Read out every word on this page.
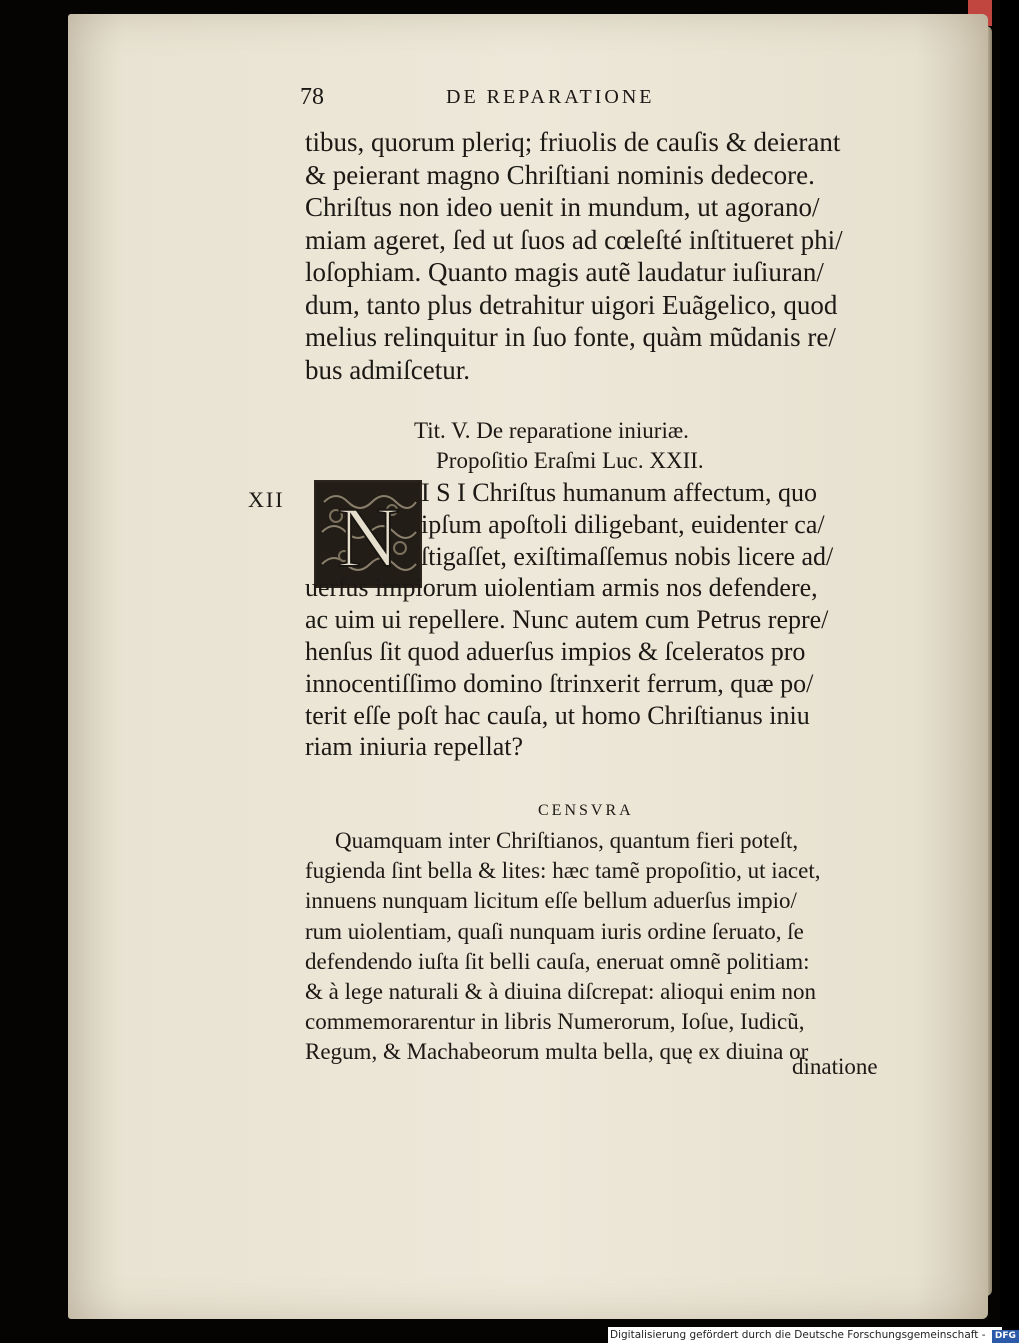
78	DE REPARATIONE
tibus, quorum pleriq; friuolis de cauſis & deierant
& peierant magno Chriſtiani nominis dedecore.
Chriſtus non ideo uenit in mundum, ut agorano/
miam ageret, ſed ut ſuos ad cœleſté inſtitueret phi/
loſophiam. Quanto magis autẽ laudatur iuſiuran/
dum, tanto plus detrahitur uigori Euãgelico, quod
melius relinquitur in ſuo fonte, quàm mũdanis re/
bus admiſcetur.
Tit. V. De reparatione iniuriæ.
Propoſitio Eraſmi Luc. XXII.
XII N I S I Chriſtus humanum affectum, quo
ipſum apoſtoli diligebant, euidenter ca/
ſtigaſſet, exiſtimaſſemus nobis licere ad/
uerſus impiorum uiolentiam armis nos defendere,
ac uim ui repellere. Nunc autem cum Petrus repre/
henſus ſit quod aduerſus impios & ſceleratos pro
innocentiſſimo domino ſtrinxerit ferrum, quæ po/
terit eſſe poſt hac cauſa, ut homo Chriſtianus iniu
riam iniuria repellat?
CENSVRA
Quamquam inter Chriſtianos, quantum fieri poteſt,
fugienda ſint bella & lites: hæc tamẽ propoſitio, ut iacet,
innuens nunquam licitum eſſe bellum aduerſus impio/
rum uiolentiam, quaſi nunquam iuris ordine ſeruato, ſe
defendendo iuſta ſit belli cauſa, eneruat omnẽ politiam:
& à lege naturali & à diuina diſcrepat: alioqui enim non
commemorarentur in libris Numerorum, Ioſue, Iudicũ,
Regum, & Machabeorum multa bella, quę ex diuina or
dinatione
Digitalisierung gefördert durch die Deutsche Forschungsgemeinschaft - DFG
